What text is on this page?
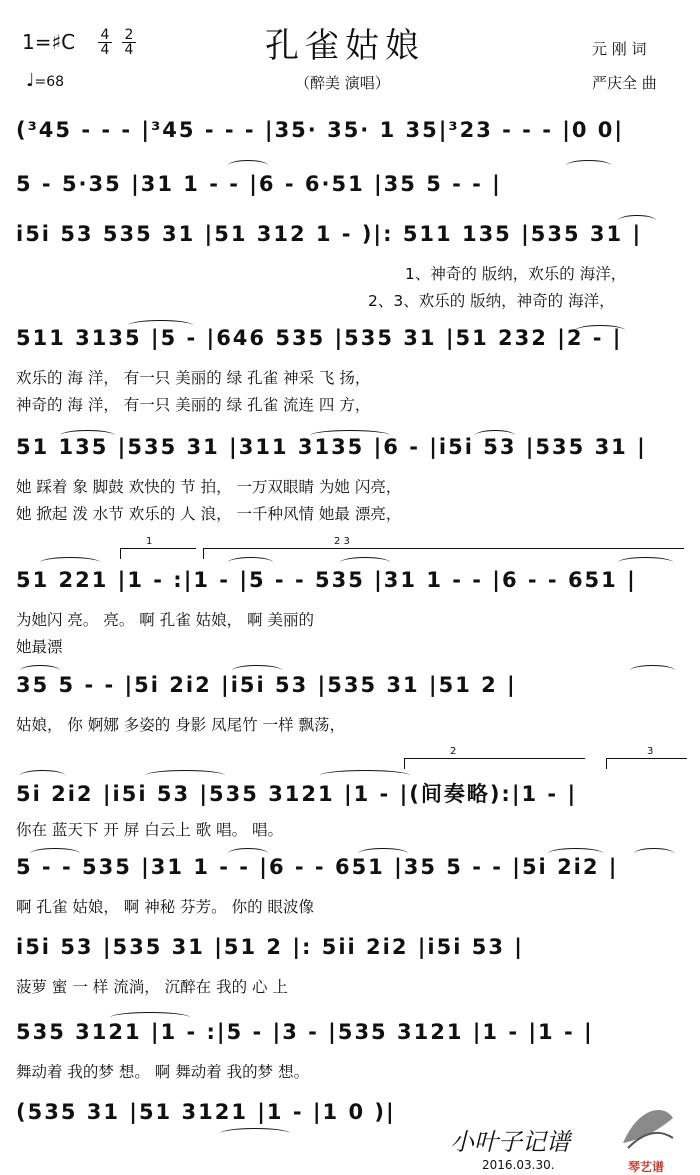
1=♯C $\frac{4}{4} \frac{2}{4}$	孔雀姑娘
（醉美 演唱）
元 刚 词
严庆全 曲
♩=68
(³45 - - - |³45 - - - |35· 35· 1 35|³23 - - - |0 0|
5 - 5·35 |31 1 - - |6 - 6·51 |35 5 - - |
i5i 53 535 31 |51 312 1 - )|: 511 135 |535 31 |
1、神奇的 版纳，欢乐的 海洋，
2、3、欢乐的 版纳，神奇的 海洋，
511 3135 |5 - |646 535 |535 31 |51 232 |2 - |
欢乐的 海 洋， 有一只 美丽的 绿 孔雀 神采 飞 扬，
神奇的 海 洋， 有一只 美丽的 绿 孔雀 流连 四 方，
51 135 |535 31 |311 3135 |6 - |i5i 53 |535 31 |
她 踩着 象 脚鼓 欢快的 节 拍， 一万双眼睛 为她 闪亮，
她 掀起 泼 水节 欢乐的 人 浪， 一千种风情 她最 漂亮，
51 221 |1 - :|1 - |5 - - 535 |31 1 - - |6 - - 651 |
为她闪 亮。 亮。 啊 孔雀 姑娘， 啊 美丽的
她最漂
35 5 - - |5i 2i2 |i5i 53 |535 31 |51 2 |
姑娘， 你 婀娜 多姿的 身影 凤尾竹 一样 飘荡，
5i 2i2 |i5i 53 |535 3121 |1 - |(间奏略):|1 - |
你在 蓝天下 开 屏 白云上 歌 唱。 唱。
5 - - 535 |31 1 - - |6 - - 651 |35 5 - - |5i 2i2 |
啊 孔雀 姑娘， 啊 神秘 芬芳。 你的 眼波像
i5i 53 |535 31 |51 2 |: 5ii 2i2 |i5i 53 |
菠萝 蜜 一 样 流淌， 沉醉在 我的 心 上
535 3121 |1 - :|5 - |3 - |535 3121 |1 - |1 - |
舞动着 我的梦 想。 啊 舞动着 我的梦 想。
(535 31 |51 3121 |1 - |1 0 )|
1	2 3
2	3
小叶子记谱
2016.03.30.	琴艺谱
